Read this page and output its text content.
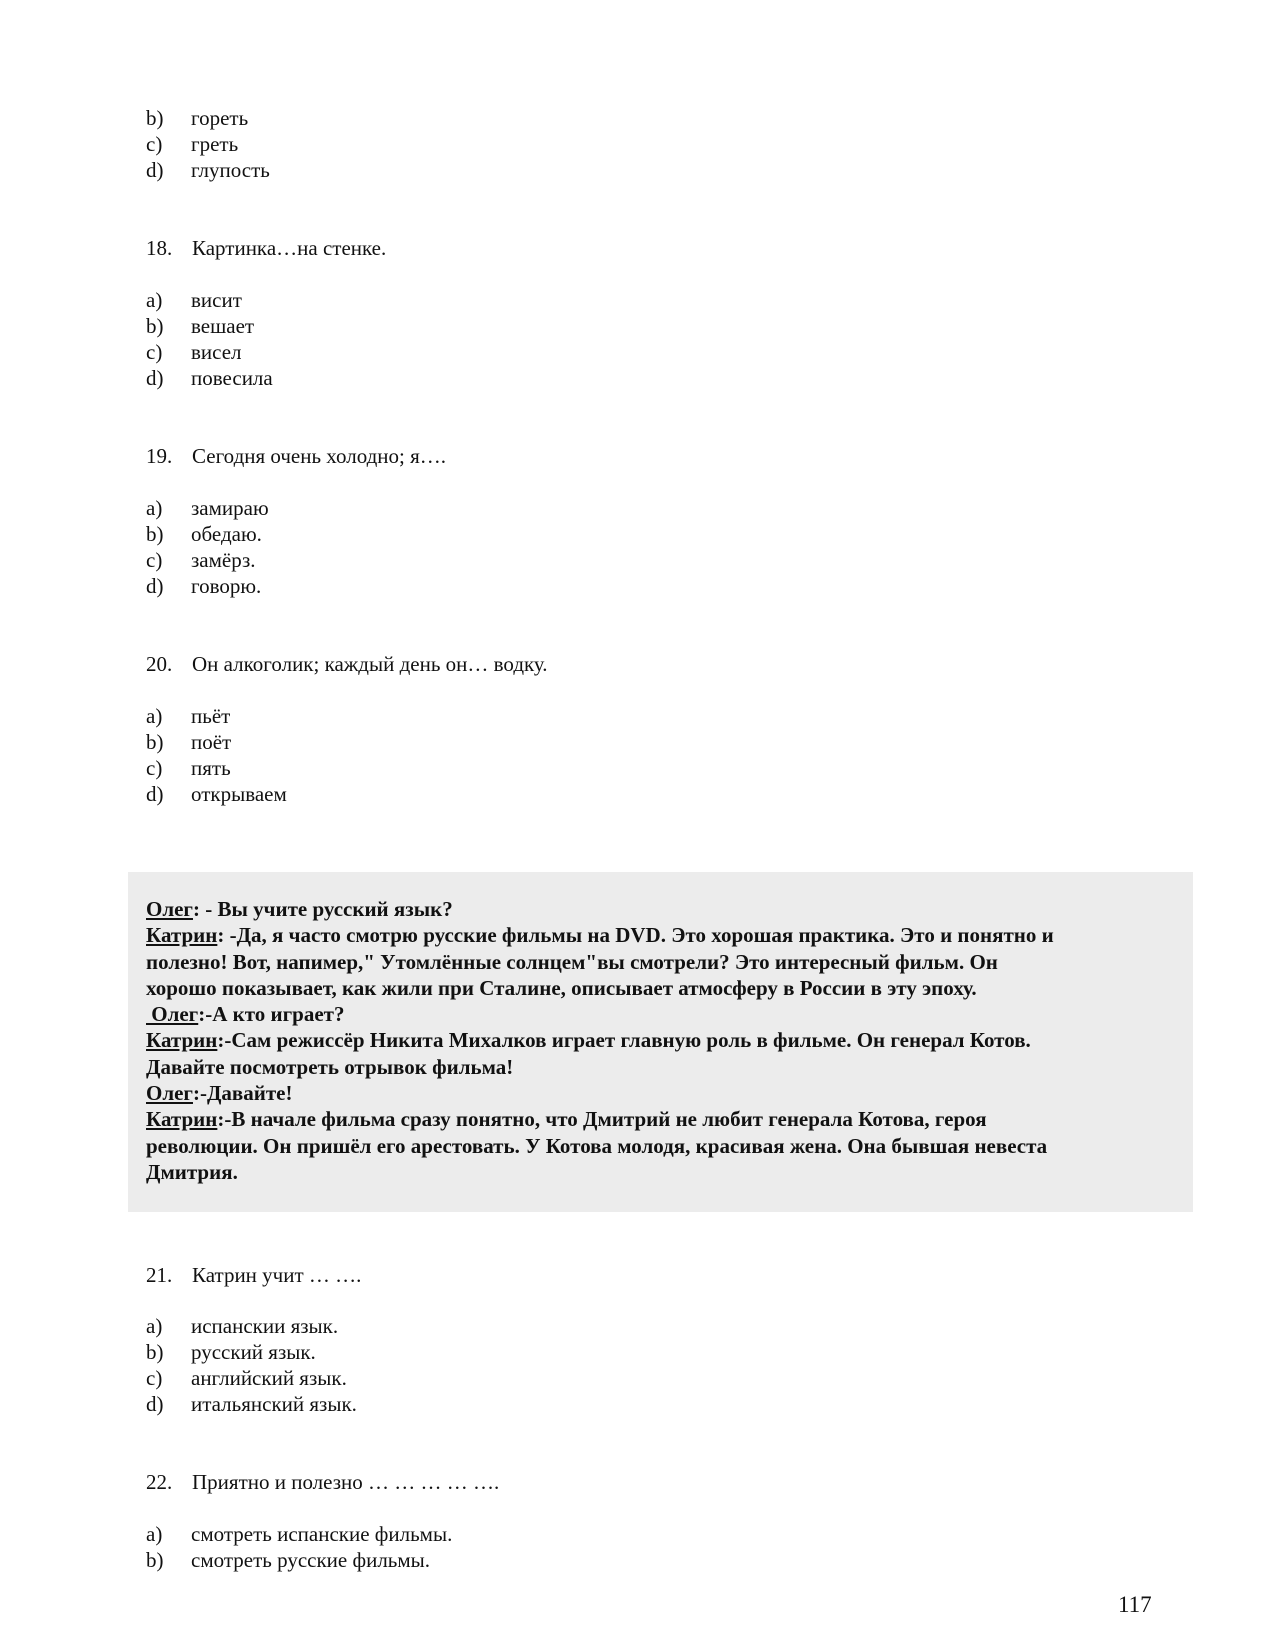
b)	гореть
c)	греть
d)	глупость
18. Картинка…на стенке.
a)	висит
b)	вешает
c)	висел
d)	повесила
19. Сегодня очень холодно; я….
a)	замираю
b)	обедаю.
c)	замёрз.
d)	говорю.
20. Он алкоголик; каждый день он… водку.
a)	пьёт
b)	поёт
c)	пять
d)	открываем
Олег: - Вы учите русский язык?
Катрин: -Да, я часто смотрю русские фильмы на DVD. Это хорошая практика. Это и понятно и
полезно! Вот, напимер," Утомлённые солнцем"вы смотрели? Это интересный фильм. Он
хорошо показывает, как жили при Сталине, описывает атмосферу в России в эту эпоху.
Олег:-А кто играет?
Катрин:-Сам режиссёр Никита Михалков играет главную роль в фильме. Он генерал Котов.
Давайте посмотреть отрывок фильма!
Олег:-Давайте!
Катрин:-В начале фильма сразу понятно, что Дмитрий не любит генерала Котова, героя
революции. Он пришёл его арестовать. У Котова молодя, красивая жена. Она бывшая невеста
Дмитрия.
21. Катрин учит … ….
a)	испанскии язык.
b)	русский язык.
c)	английский язык.
d)	итальянский язык.
22. Приятно и полезно … … … … ….
a)	смотреть испанские фильмы.
b)	смотреть русские фильмы.
117
